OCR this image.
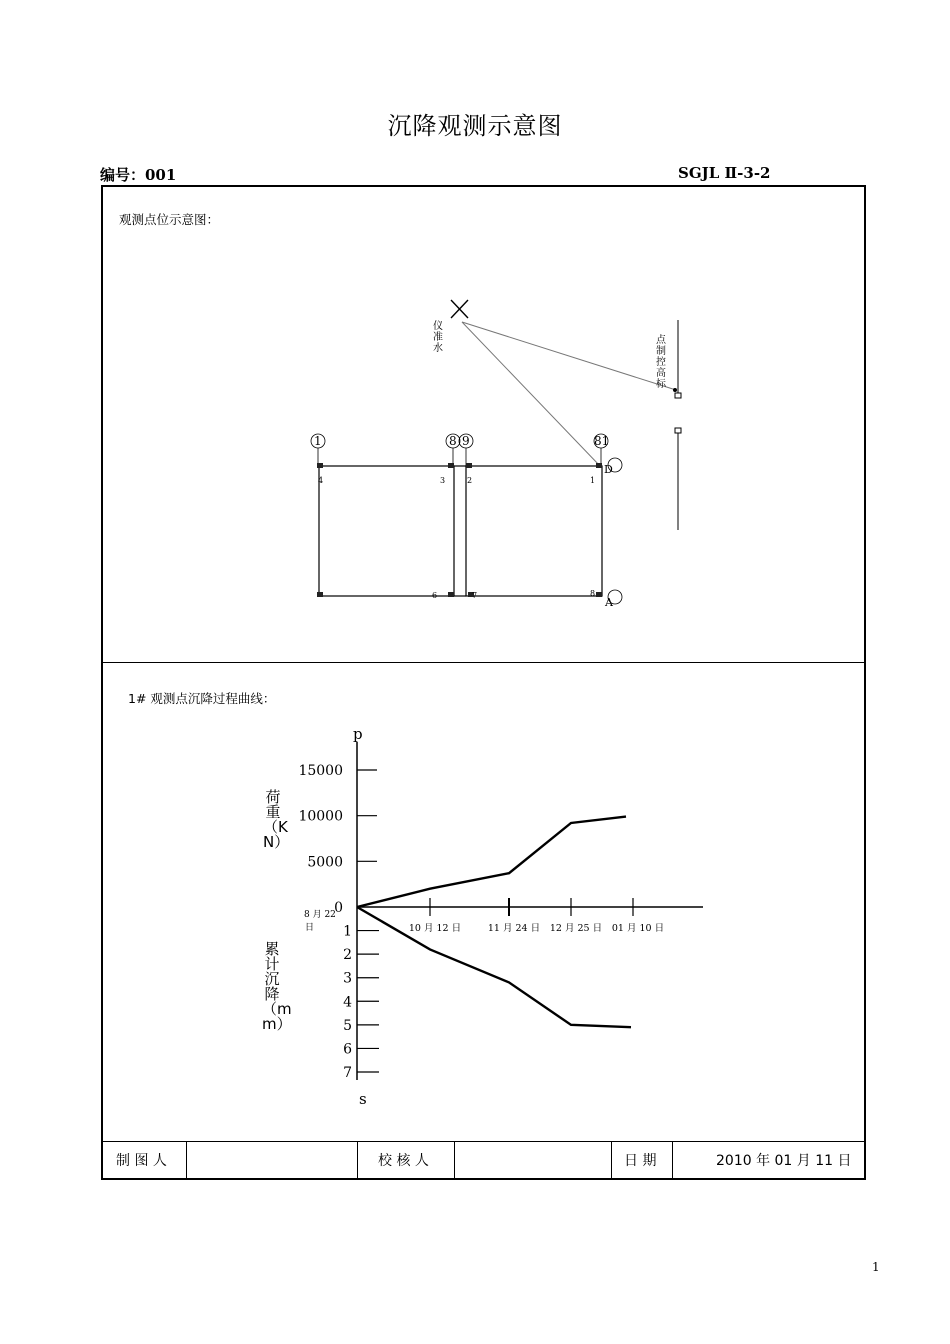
沉降观测示意图
编号：001	SGJL Ⅱ-3-2
观测点位示意图：
仪准水
点制控高标
1	8 9	81
4	3	2	1
6	7	8
D
A
1# 观测点沉降过程曲线：
p
s
荷重（KN）
累计沉降（mm）
15000
10000
5000
0
1
2
3
4
5
6
7
8 月 22
日	10 月 12 日	11 月 24 日 12 月 25 日 01 月 10 日
制 图 人	校 核 人	日 期	2010 年 01 月 11 日
1
